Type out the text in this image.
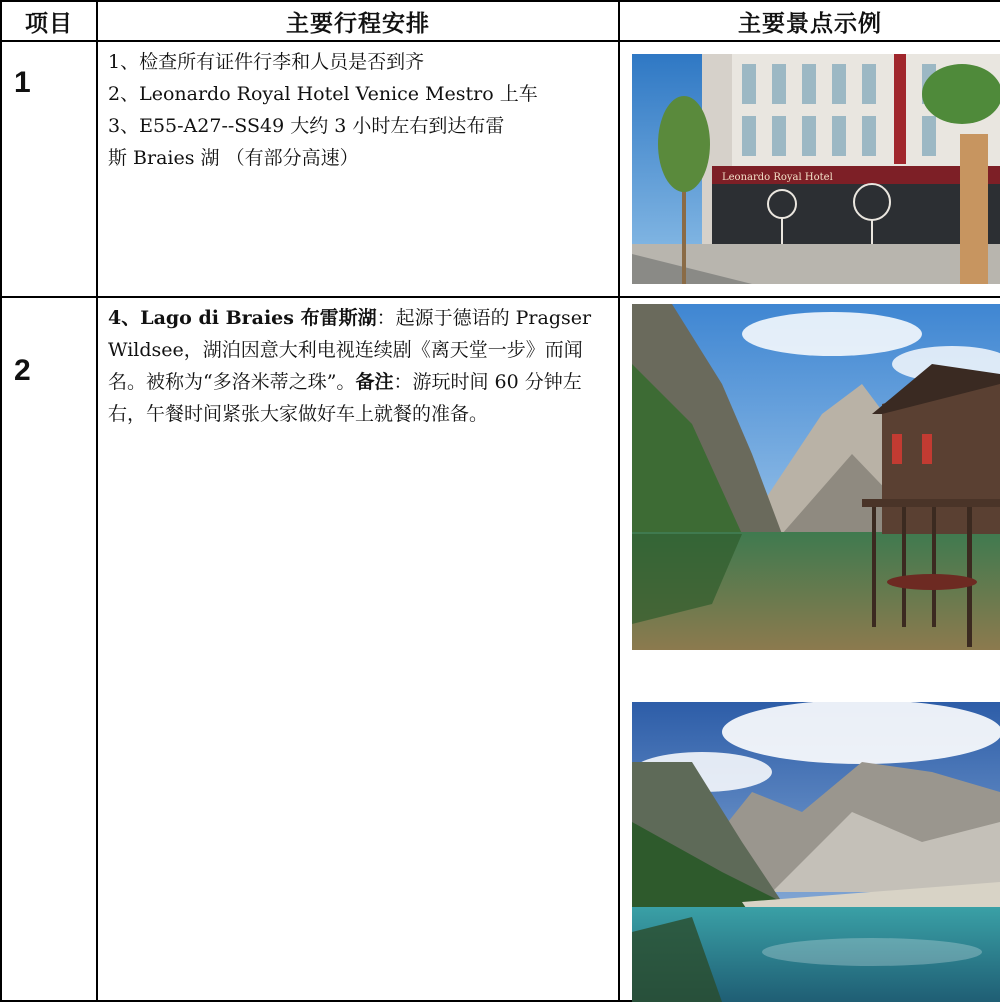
项目	主要行程安排	主要景点示例
1	1、检查所有证件行李和人员是否到齐

2、Leonardo Royal Hotel Venice Mestro 上车

3、E55-A27--SS49 大约 3 小时左右到达布雷

斯 Braies 湖 （有部分高速）	Leonardo Royal Hotel

2	4、Lago di Braies 布雷斯湖：起源于德语的 Pragser Wildsee，湖泊因意大利电视连续剧《离天堂一步》而闻名。被称为“多洛米蒂之珠”。备注：游玩时间 60 分钟左右，午餐时间紧张大家做好车上就餐的准备。
